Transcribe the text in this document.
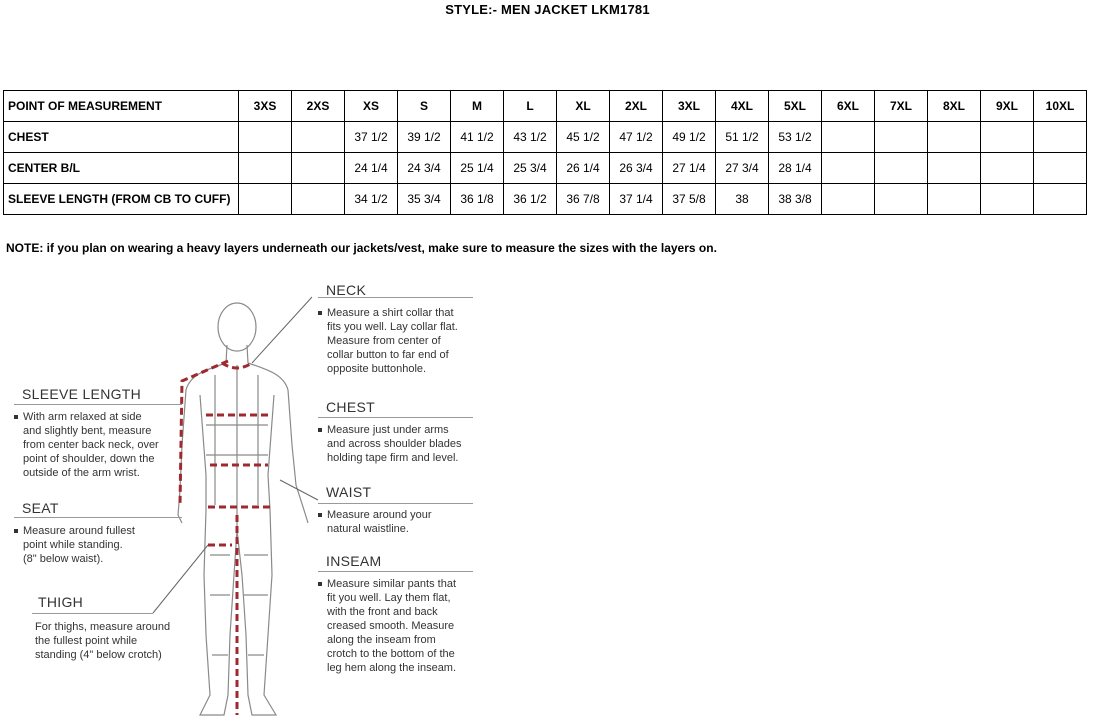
STYLE:- MEN JACKET LKM1781
POINT OF MEASUREMENT	3XS	2XS	XS	S	M	L	XL	2XL	3XL	4XL	5XL	6XL	7XL	8XL	9XL	10XL
CHEST			37 1/2	39 1/2	41 1/2	43 1/2	45 1/2	47 1/2	49 1/2	51 1/2	53 1/2					
CENTER B/L			24 1/4	24 3/4	25 1/4	25 3/4	26 1/4	26 3/4	27 1/4	27 3/4	28 1/4					
SLEEVE LENGTH (FROM CB TO CUFF)			34 1/2	35 3/4	36 1/8	36 1/2	36 7/8	37 1/4	37 5/8	38	38 3/8					
NOTE: if you plan on wearing a heavy layers underneath our jackets/vest, make sure to measure the sizes with the layers on.
NECK
Measure a shirt collar that
fits you well. Lay collar flat.
Measure from center of
collar button to far end of
opposite buttonhole.
CHEST
Measure just under arms
and across shoulder blades
holding tape firm and level.
WAIST
Measure around your
natural waistline.
INSEAM
Measure similar pants that
fit you well. Lay them flat,
with the front and back
creased smooth. Measure
along the inseam from
crotch to the bottom of the
leg hem along the inseam.
SLEEVE LENGTH
With arm relaxed at side
and slightly bent, measure
from center back neck, over
point of shoulder, down the
outside of the arm wrist.
SEAT
Measure around fullest
point while standing.
(8" below waist).
THIGH
For thighs, measure around
the fullest point while
standing (4" below crotch)
